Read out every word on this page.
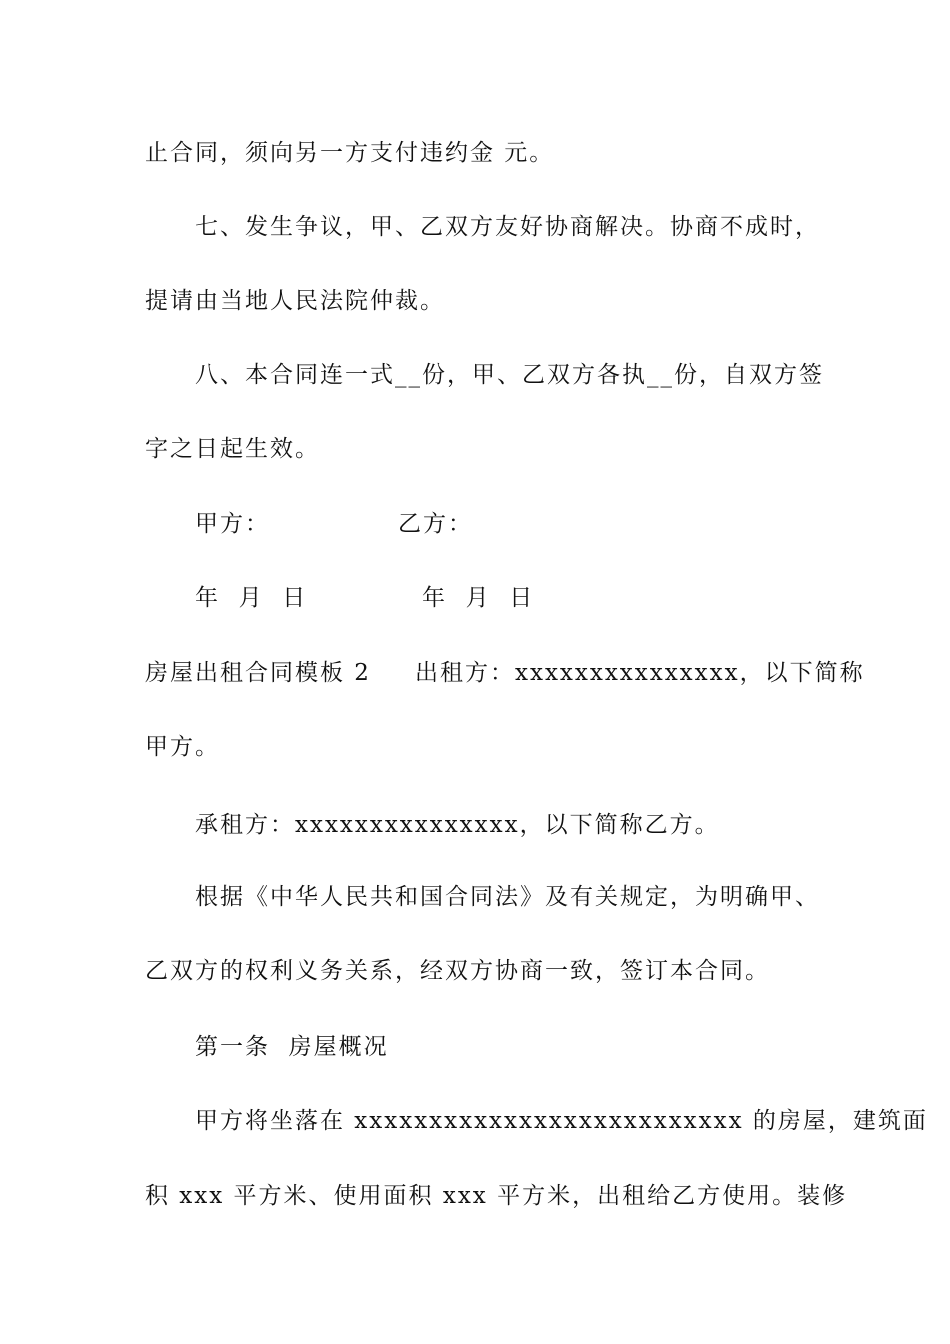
止合同，须向另一方支付违约金 元。
七、发生争议，甲、乙双方友好协商解决。协商不成时，
提请由当地人民法院仲裁。
八、本合同连一式__份，甲、乙双方各执__份，自双方签
字之日起生效。
甲方：	乙方：
年  月  日	年  月  日
房屋出租合同模板 2 出租方：xxxxxxxxxxxxxxx，以下简称
甲方。
承租方：xxxxxxxxxxxxxxx，以下简称乙方。
根据《中华人民共和国合同法》及有关规定，为明确甲、
乙双方的权利义务关系，经双方协商一致，签订本合同。
第一条  房屋概况
甲方将坐落在 xxxxxxxxxxxxxxxxxxxxxxxxxx 的房屋，建筑面
积 xxx 平方米、使用面积 xxx 平方米，出租给乙方使用。装修
